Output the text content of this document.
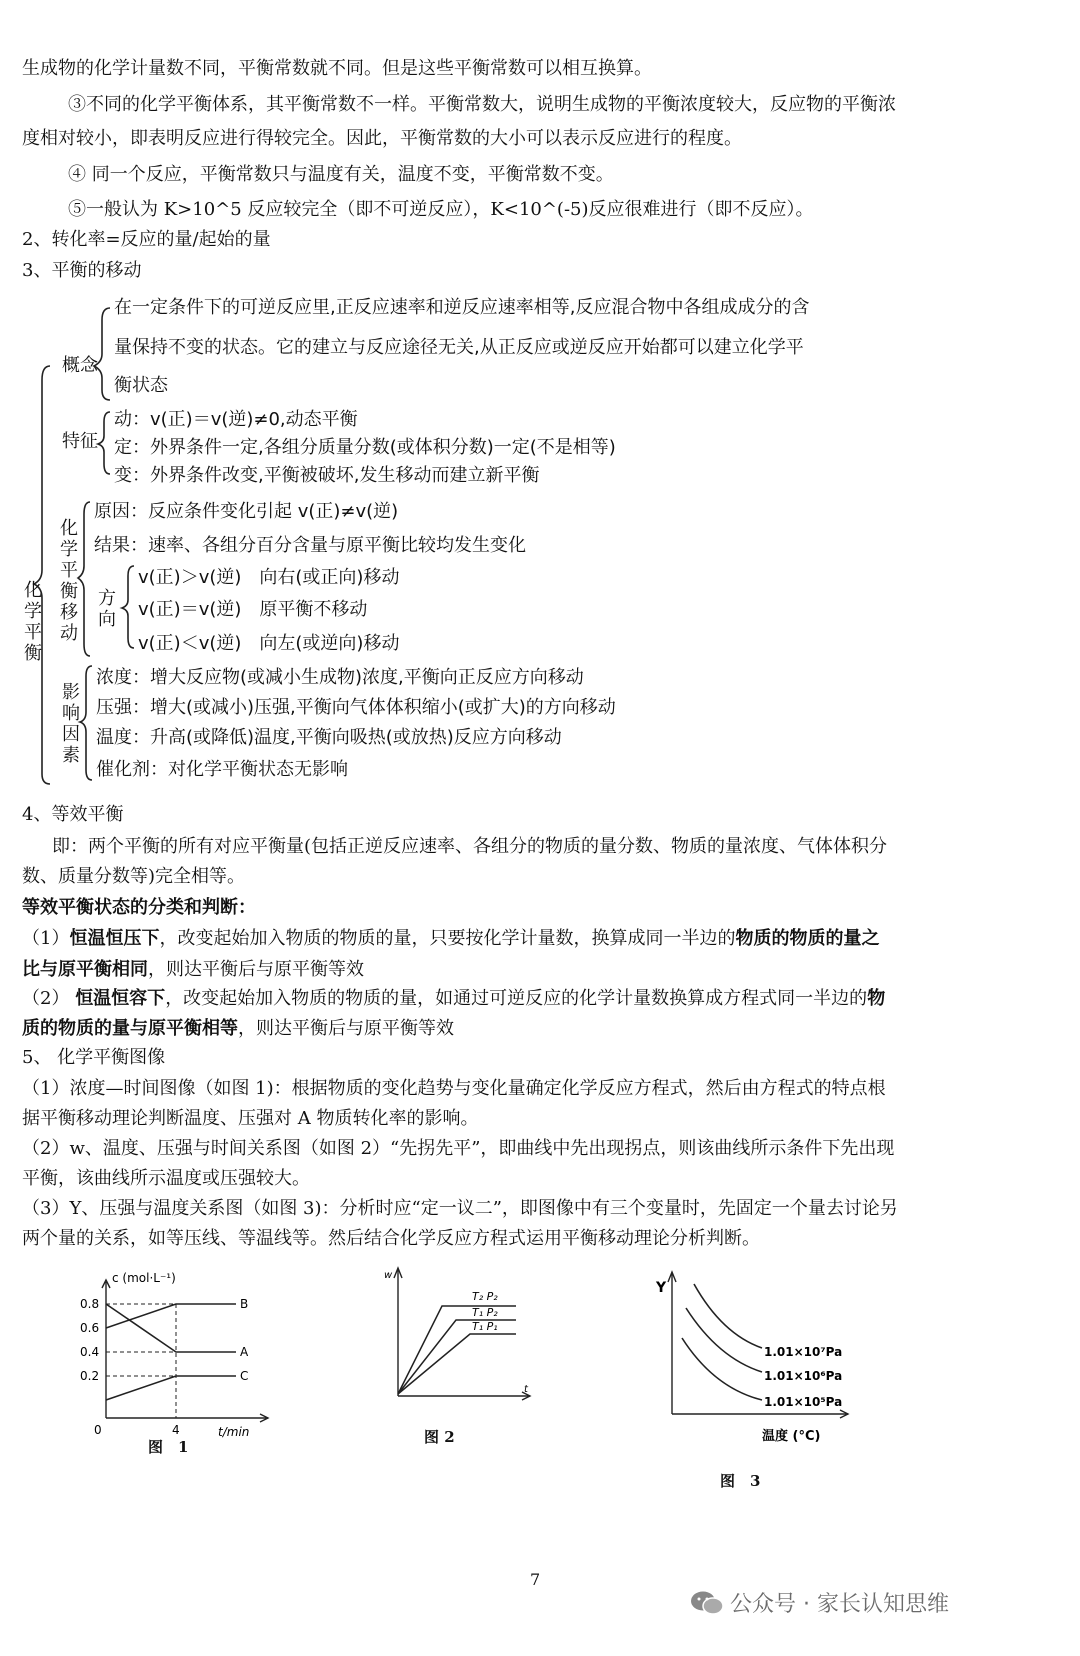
生成物的化学计量数不同，平衡常数就不同。但是这些平衡常数可以相互换算。
③不同的化学平衡体系，其平衡常数不一样。平衡常数大，说明生成物的平衡浓度较大，反应物的平衡浓
度相对较小，即表明反应进行得较完全。因此，平衡常数的大小可以表示反应进行的程度。
④ 同一个反应，平衡常数只与温度有关，温度不变，平衡常数不变。
⑤一般认为 K>10^5 反应较完全（即不可逆反应），K<10^(-5)反应很难进行（即不反应）。
2、转化率=反应的量/起始的量
3、平衡的移动
化学平衡
概念
在一定条件下的可逆反应里,正反应速率和逆反应速率相等,反应混合物中各组成成分的含
量保持不变的状态。它的建立与反应途径无关,从正反应或逆反应开始都可以建立化学平
衡状态
特征
动：v(正)＝v(逆)≠0,动态平衡
定：外界条件一定,各组分质量分数(或体积分数)一定(不是相等)
变：外界条件改变,平衡被破坏,发生移动而建立新平衡
化学平衡移动
原因：反应条件变化引起 v(正)≠v(逆)
结果：速率、各组分百分含量与原平衡比较均发生变化
方向
v(正)＞v(逆)　向右(或正向)移动
v(正)＝v(逆)　原平衡不移动
v(正)＜v(逆)　向左(或逆向)移动
影响因素
浓度：增大反应物(或减小生成物)浓度,平衡向正反应方向移动
压强：增大(或减小)压强,平衡向气体体积缩小(或扩大)的方向移动
温度：升高(或降低)温度,平衡向吸热(或放热)反应方向移动
催化剂：对化学平衡状态无影响
4、等效平衡
即：两个平衡的所有对应平衡量(包括正逆反应速率、各组分的物质的量分数、物质的量浓度、气体体积分
数、质量分数等)完全相等。
等效平衡状态的分类和判断：
（1）恒温恒压下，改变起始加入物质的物质的量，只要按化学计量数，换算成同一半边的物质的物质的量之
比与原平衡相同，则达平衡后与原平衡等效
（2） 恒温恒容下，改变起始加入物质的物质的量，如通过可逆反应的化学计量数换算成方程式同一半边的物
质的物质的量与原平衡相等，则达平衡后与原平衡等效
5、 化学平衡图像
（1）浓度—时间图像（如图 1)：根据物质的变化趋势与变化量确定化学反应方程式，然后由方程式的特点根
据平衡移动理论判断温度、压强对 A 物质转化率的影响。
（2）w、温度、压强与时间关系图（如图 2）“先拐先平”，即曲线中先出现拐点，则该曲线所示条件下先出现
平衡，该曲线所示温度或压强较大。
（3）Y、压强与温度关系图（如图 3)：分析时应“定一议二”，即图像中有三个变量时，先固定一个量去讨论另
两个量的关系，如等压线、等温线等。然后结合化学反应方程式运用平衡移动理论分析判断。
c (mol·L⁻¹)
t/min
0.8
0.6
0.4
0.2
0	4
B
A
C
图　1
w
t
T₂ P₂
T₁ P₂
T₁ P₁
图 2
Y
温度 (°C)
1.01×10⁷Pa
1.01×10⁶Pa
1.01×10⁵Pa
图　3
7
公众号 · 家长认知思维
